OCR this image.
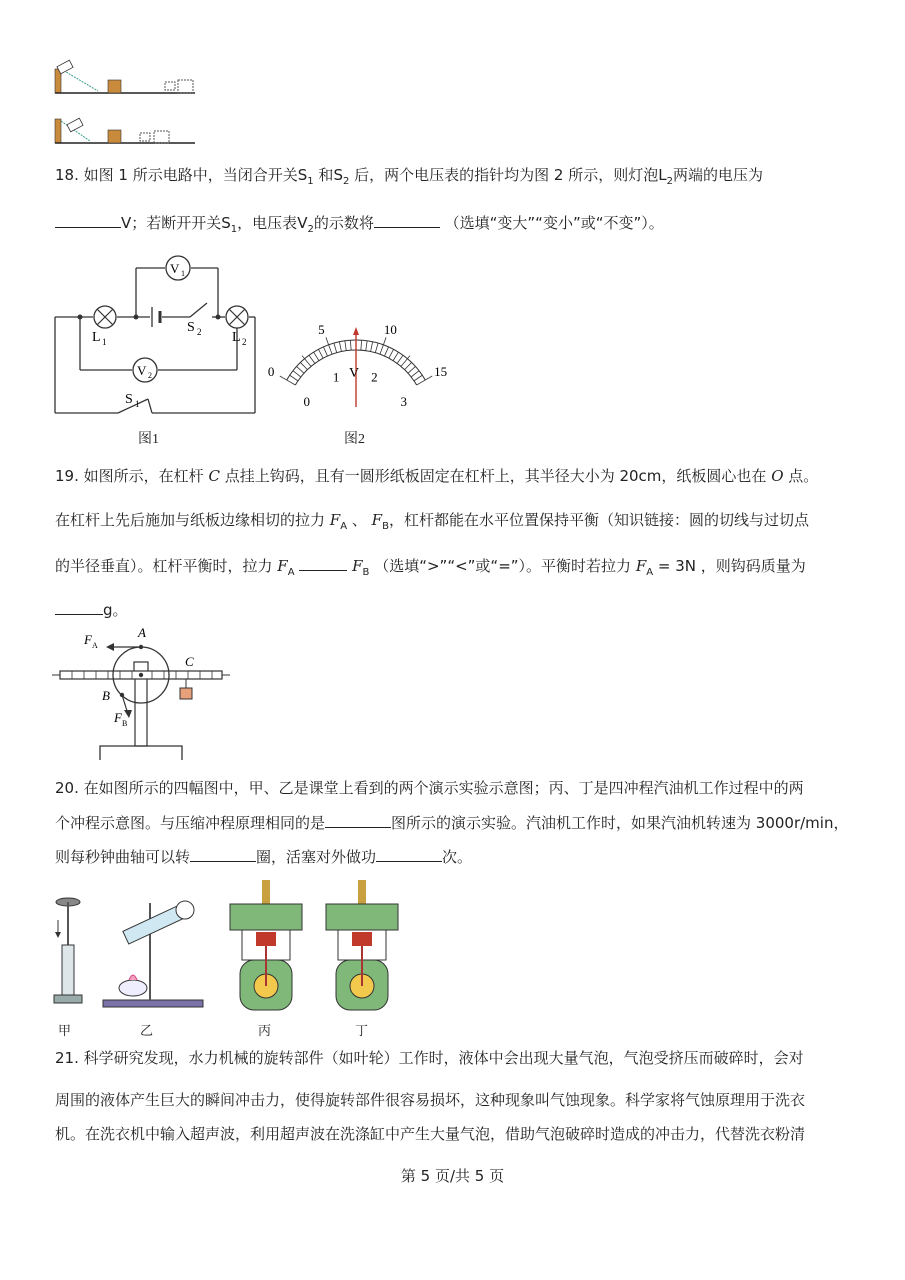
18. 如图 1 所示电路中，当闭合开关$S_1$ 和$S_2$ 后，两个电压表的指针均为图 2 所示，则灯泡$L_2$两端的电压为
V；若断开开关$S_1$，电压表$V_2$的示数将	（选填“变大”“变小”或“不变”）。
V 1
V 2
L 1	L 2
S 2
S 1
图1
0
5	10
15
0
1 2
3
V
图2
19. 如图所示，在杠杆 C 点挂上钩码，且有一圆形纸板固定在杠杆上，其半径大小为 20cm，纸板圆心也在 O 点。
在杠杆上先后施加与纸板边缘相切的拉力 $F_A$ 、 $F_B$，杠杆都能在水平位置保持平衡（知识链接：圆的切线与过切点
的半径垂直）。杠杆平衡时，拉力 $F_A$	$F_B$ （选填“>”“<”或“=”）。平衡时若拉力 $F_A = 3N$ ，则钩码质量为
g。
F A
A
C
B
F B
20. 在如图所示的四幅图中，甲、乙是课堂上看到的两个演示实验示意图；丙、丁是四冲程汽油机工作过程中的两
个冲程示意图。与压缩冲程原理相同的是	图所示的演示实验。汽油机工作时，如果汽油机转速为 3000r/min，
则每秒钟曲轴可以转	圈，活塞对外做功	次。
甲	乙	丙	丁
21. 科学研究发现，水力机械的旋转部件（如叶轮）工作时，液体中会出现大量气泡，气泡受挤压而破碎时，会对
周围的液体产生巨大的瞬间冲击力，使得旋转部件很容易损坏，这种现象叫气蚀现象。科学家将气蚀原理用于洗衣
机。在洗衣机中输入超声波，利用超声波在洗涤缸中产生大量气泡，借助气泡破碎时造成的冲击力，代替洗衣粉清
第 5 页/共 5 页
